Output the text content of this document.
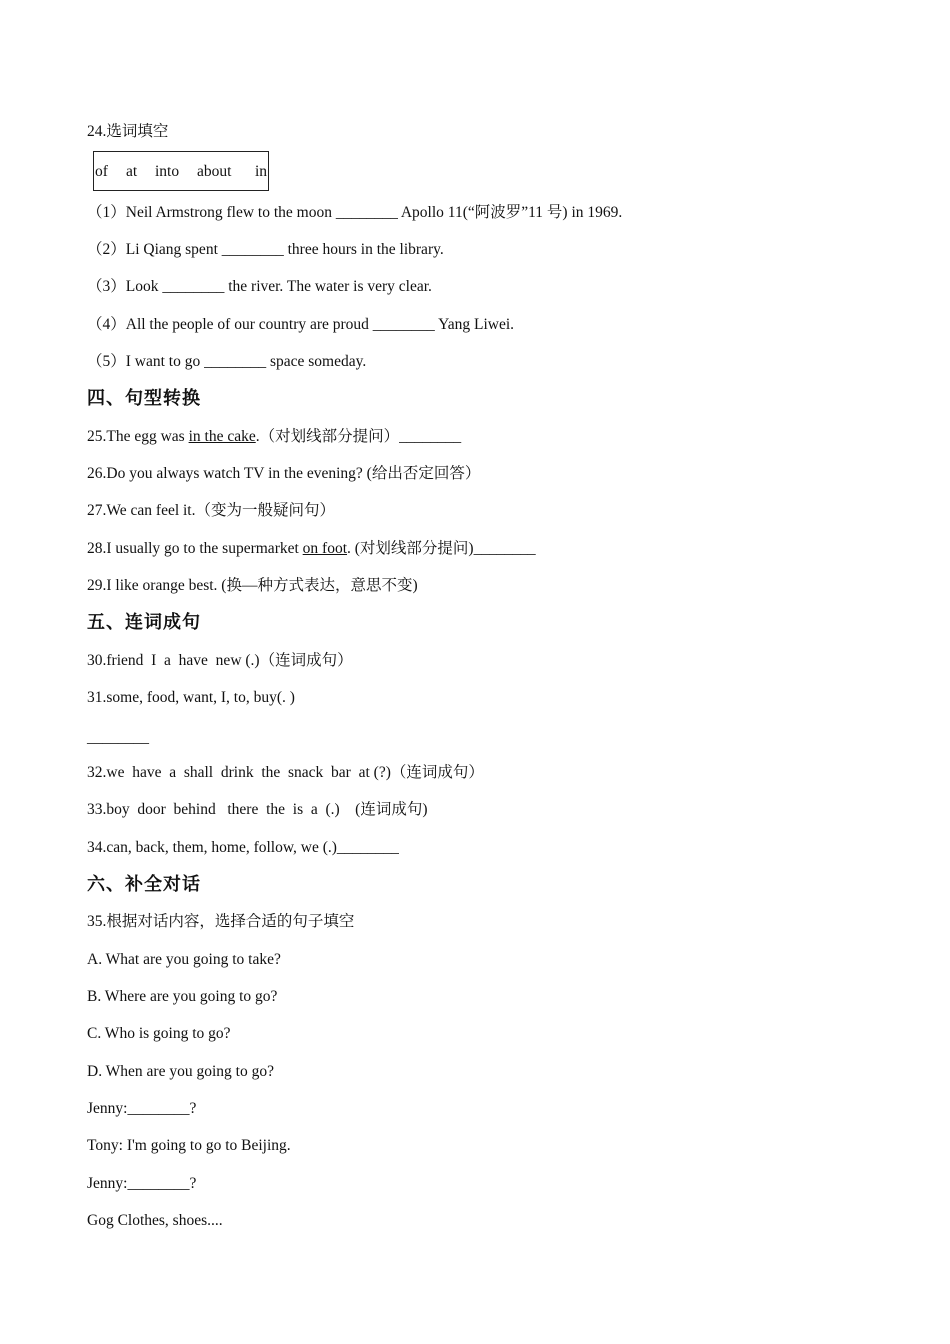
24.选词填空
of at into about in
（1）Neil Armstrong flew to the moon ________ Apollo 11(“阿波罗”11 号) in 1969.
（2）Li Qiang spent ________ three hours in the library.
（3）Look ________ the river. The water is very clear.
（4）All the people of our country are proud ________ Yang Liwei.
（5）I want to go ________ space someday.
四、句型转换
25.The egg was in the cake.（对划线部分提问）________
26.Do you always watch TV in the evening? (给出否定回答）
27.We can feel it.（变为一般疑问句）
28.I usually go to the supermarket on foot. (对划线部分提问)________
29.I like orange best. (换—种方式表达，意思不变)
五、连词成句
30.friend  I  a  have  new (.)（连词成句）
31.some, food, want, I, to, buy(. )
________
32.we  have  a  shall  drink  the  snack  bar  at (?)（连词成句）
33.boy  door  behind   there  the  is  a  (.)    (连词成句)
34.can, back, them, home, follow, we (.)________
六、补全对话
35.根据对话内容，选择合适的句子填空
A. What are you going to take?
B. Where are you going to go?
C. Who is going to go?
D. When are you going to go?
Jenny:________?
Tony: I'm going to go to Beijing.
Jenny:________?
Gog Clothes, shoes....
